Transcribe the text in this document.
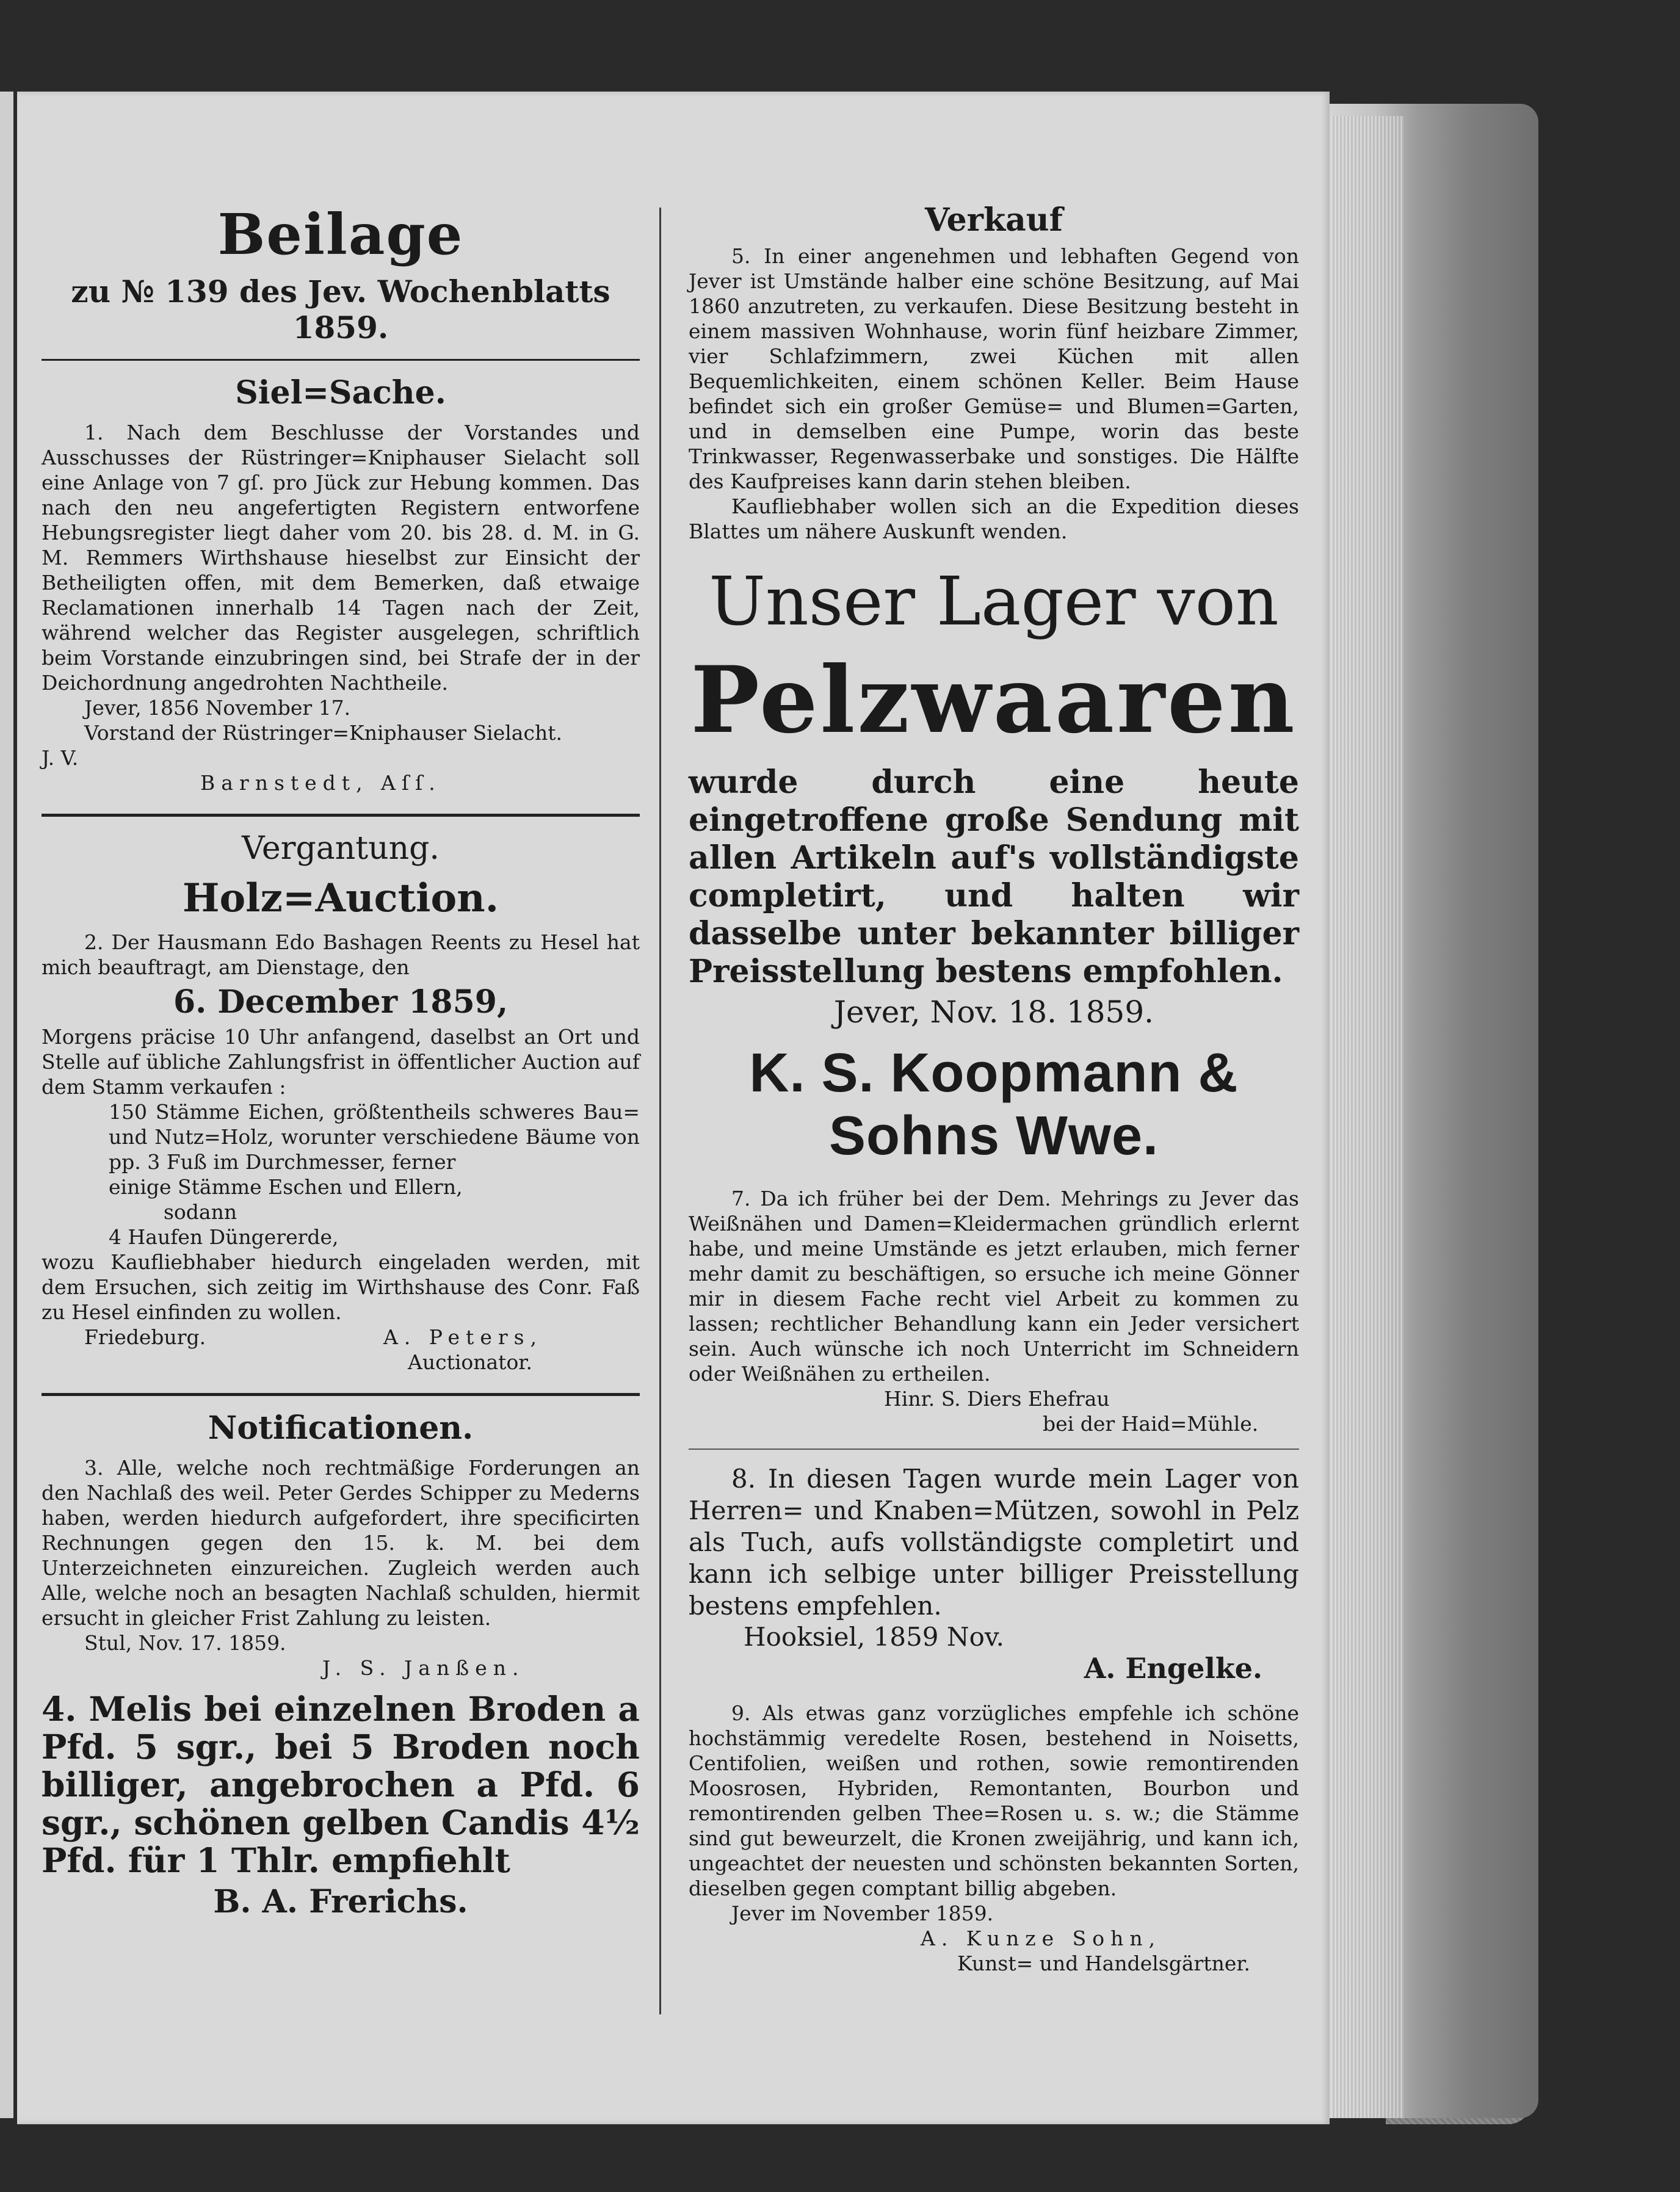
Beilage
zu № 139 des Jev. Wochenblatts 1859.
Siel=Sache.

1. Nach dem Beschlusse der Vorstandes und Ausschusses der Rüstringer=Kniphauser Sielacht soll eine Anlage von 7 gſ. pro Jück zur Hebung kommen. Das nach den neu angefertigten Registern entworfene Hebungsregister liegt daher vom 20. bis 28. d. M. in G. M. Remmers Wirthshause hieselbst zur Einsicht der Betheiligten offen, mit dem Bemerken, daß etwaige Reclamationen innerhalb 14 Tagen nach der Zeit, während welcher das Register ausgelegen, schriftlich beim Vorstande einzubringen sind, bei Strafe der in der Deichordnung angedrohten Nachtheile.

Jever, 1856 November 17.
Vorstand der Rüstringer=Kniphauser Sielacht.
J. V.
Barnstedt, Aſſ.
Vergantung.
Holz=Auction.

2. Der Hausmann Edo Bashagen Reents zu Hesel hat mich beauftragt, am Dienstage, den

6. December 1859,

Morgens präcise 10 Uhr anfangend, daselbst an Ort und Stelle auf übliche Zahlungsfrist in öffentlicher Auction auf dem Stamm verkaufen :

150 Stämme Eichen, größtentheils schweres Bau= und Nutz=Holz, worunter verschiedene Bäume von pp. 3 Fuß im Durchmesser, ferner
einige Stämme Eschen und Ellern,
sodann
4 Haufen Düngererde,

wozu Kaufliebhaber hiedurch eingeladen werden, mit dem Ersuchen, sich zeitig im Wirthshause des Conr. Faß zu Hesel einfinden zu wollen.

Friedeburg.	A. Peters,
Auctionator.
Notificationen.

3. Alle, welche noch rechtmäßige Forderungen an den Nachlaß des weil. Peter Gerdes Schipper zu Mederns haben, werden hiedurch aufgefordert, ihre specificirten Rechnungen gegen den 15. k. M. bei dem Unterzeichneten einzureichen. Zugleich werden auch Alle, welche noch an besagten Nachlaß schulden, hiermit ersucht in gleicher Frist Zahlung zu leisten.

Stul, Nov. 17. 1859.
J. S. Janßen.

4. Melis bei einzelnen Broden a Pfd. 5 sgr., bei 5 Broden noch billiger, angebrochen a Pfd. 6 sgr., schönen gelben Candis 4½ Pfd. für 1 Thlr. empfiehlt

B. A. Frerichs.
Verkauf

5. In einer angenehmen und lebhaften Gegend von Jever ist Umstände halber eine schöne Besitzung, auf Mai 1860 anzutreten, zu verkaufen. Diese Besitzung besteht in einem massiven Wohnhause, worin fünf heizbare Zimmer, vier Schlafzimmern, zwei Küchen mit allen Bequemlichkeiten, einem schönen Keller. Beim Hause befindet sich ein großer Gemüse= und Blumen=Garten, und in demselben eine Pumpe, worin das beste Trinkwasser, Regenwasserbake und sonstiges. Die Hälfte des Kaufpreises kann darin stehen bleiben.

Kaufliebhaber wollen sich an die Expedition dieses Blattes um nähere Auskunft wenden.

Unser Lager von
Pelzwaaren

wurde durch eine heute eingetroffene große Sendung mit allen Artikeln auf's vollständigste completirt, und halten wir dasselbe unter bekannter billiger Preisstellung bestens empfohlen.

Jever, Nov. 18. 1859.
K. S. Koopmann & Sohns Wwe.

7. Da ich früher bei der Dem. Mehrings zu Jever das Weißnähen und Damen=Kleidermachen gründlich erlernt habe, und meine Umstände es jetzt erlauben, mich ferner mehr damit zu beschäftigen, so ersuche ich meine Gönner mir in diesem Fache recht viel Arbeit zu kommen zu lassen; rechtlicher Behandlung kann ein Jeder versichert sein. Auch wünsche ich noch Unterricht im Schneidern oder Weißnähen zu ertheilen.

Hinr. S. Diers Ehefrau
bei der Haid=Mühle.

8. In diesen Tagen wurde mein Lager von Herren= und Knaben=Mützen, sowohl in Pelz als Tuch, aufs vollständigste completirt und kann ich selbige unter billiger Preisstellung bestens empfehlen.

Hooksiel, 1859 Nov.
A. Engelke.

9. Als etwas ganz vorzügliches empfehle ich schöne hochstämmig veredelte Rosen, bestehend in Noisetts, Centifolien, weißen und rothen, sowie remontirenden Moosrosen, Hybriden, Remontanten, Bourbon und remontirenden gelben Thee=Rosen u. s. w.; die Stämme sind gut beweurzelt, die Kronen zweijährig, und kann ich, ungeachtet der neuesten und schönsten bekannten Sorten, dieselben gegen comptant billig abgeben.

Jever im November 1859.
A. Kunze Sohn,
Kunst= und Handelsgärtner.
